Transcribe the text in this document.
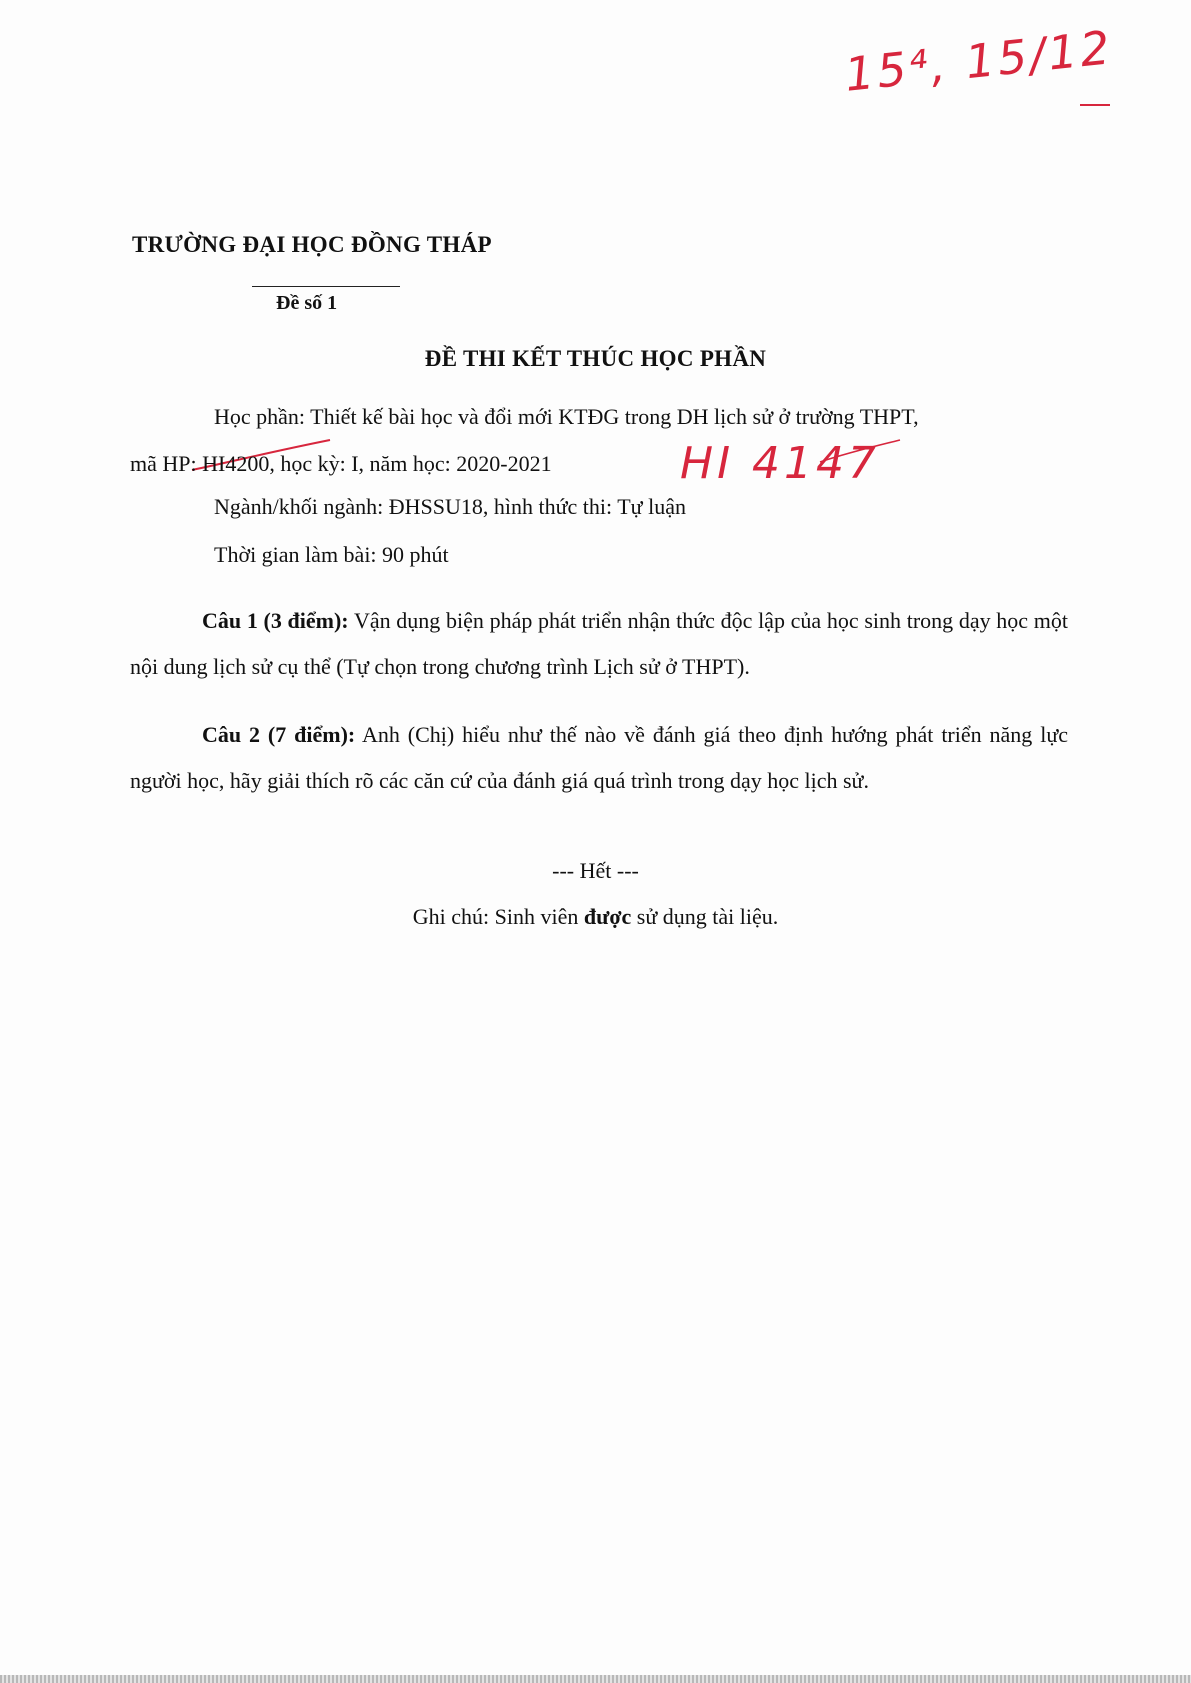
15⁴, 15/12
HI 4147
TRƯỜNG ĐẠI HỌC ĐỒNG THÁP
Đề số 1
ĐỀ THI KẾT THÚC HỌC PHẦN
Học phần: Thiết kế bài học và đổi mới KTĐG trong DH lịch sử ở trường THPT,
mã HP: HI4200, học kỳ: I, năm học: 2020-2021
Ngành/khối ngành: ĐHSSU18, hình thức thi: Tự luận
Thời gian làm bài: 90 phút
Câu 1 (3 điểm): Vận dụng biện pháp phát triển nhận thức độc lập của học sinh trong dạy học một nội dung lịch sử cụ thể (Tự chọn trong chương trình Lịch sử ở THPT).
Câu 2 (7 điểm): Anh (Chị) hiểu như thế nào về đánh giá theo định hướng phát triển năng lực người học, hãy giải thích rõ các căn cứ của đánh giá quá trình trong dạy học lịch sử.
--- Hết ---
Ghi chú: Sinh viên được sử dụng tài liệu.
